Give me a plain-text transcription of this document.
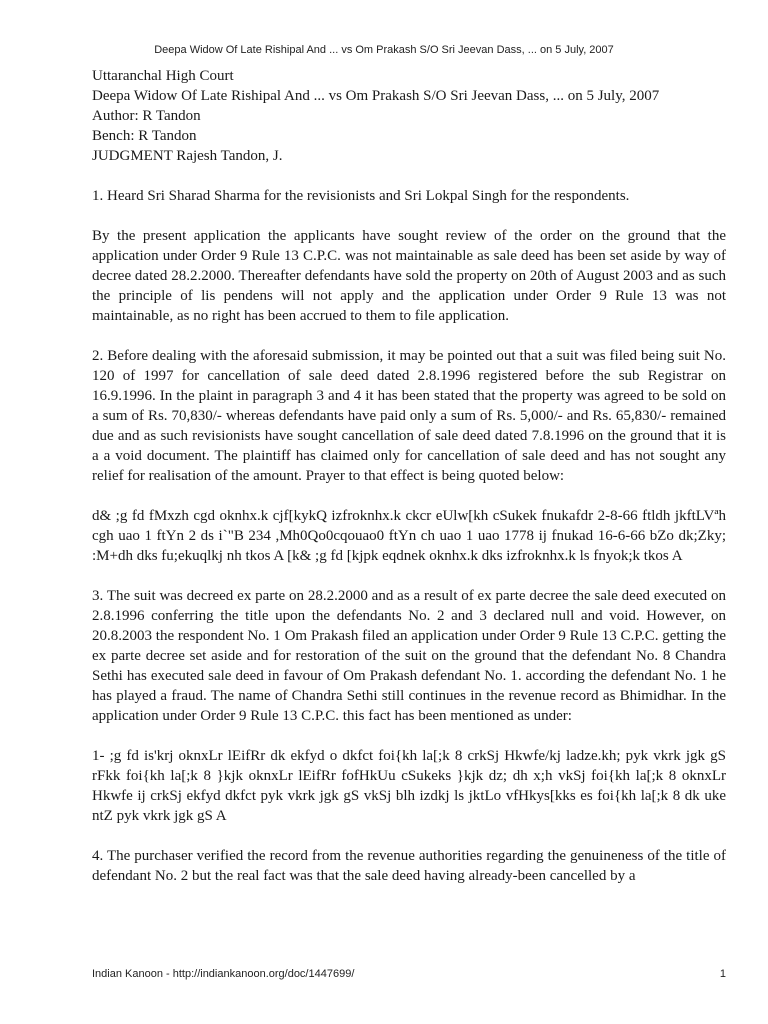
Deepa Widow Of Late Rishipal And ... vs Om Prakash S/O Sri Jeevan Dass, ... on 5 July, 2007

Uttaranchal High Court

Deepa Widow Of Late Rishipal And ... vs Om Prakash S/O Sri Jeevan Dass, ... on 5 July, 2007

Author: R Tandon

Bench: R Tandon

JUDGMENT Rajesh Tandon, J.

1. Heard Sri Sharad Sharma for the revisionists and Sri Lokpal Singh for the respondents.

By the present application the applicants have sought review of the order on the ground that the application under Order 9 Rule 13 C.P.C. was not maintainable as sale deed has been set aside by way of decree dated 28.2.2000. Thereafter defendants have sold the property on 20th of August 2003 and as such the principle of lis pendens will not apply and the application under Order 9 Rule 13 was not maintainable, as no right has been accrued to them to file application.

2. Before dealing with the aforesaid submission, it may be pointed out that a suit was filed being suit No. 120 of 1997 for cancellation of sale deed dated 2.8.1996 registered before the sub Registrar on 16.9.1996. In the plaint in paragraph 3 and 4 it has been stated that the property was agreed to be sold on a sum of Rs. 70,830/- whereas defendants have paid only a sum of Rs. 5,000/- and Rs. 65,830/- remained due and as such revisionists have sought cancellation of sale deed dated 7.8.1996 on the ground that it is a a void document. The plaintiff has claimed only for cancellation of sale deed and has not sought any relief for realisation of the amount. Prayer to that effect is being quoted below:

d& ;g fd fMxzh cgd oknhx.k cjf[kykQ izfroknhx.k ckcr eUlw[kh cSukek fnukafdr 2-8-66 ftldh jkftLVªh cgh uao 1 ftYn 2 ds i`"B 234 ,Mh0Qo0cqouao0 ftYn ch uao 1 uao 1778 ij fnukad 16-6-66 bZo dk;Zky; :M+dh dks fu;ekuqlkj nh tkos A [k& ;g fd [kjpk eqdnek oknhx.k dks izfroknhx.k ls fnyok;k tkos A

3. The suit was decreed ex parte on 28.2.2000 and as a result of ex parte decree the sale deed executed on 2.8.1996 conferring the title upon the defendants No. 2 and 3 declared null and void. However, on 20.8.2003 the respondent No. 1 Om Prakash filed an application under Order 9 Rule 13 C.P.C. getting the ex parte decree set aside and for restoration of the suit on the ground that the defendant No. 8 Chandra Sethi has executed sale deed in favour of Om Prakash defendant No. 1. according the defendant No. 1 he has played a fraud. The name of Chandra Sethi still continues in the revenue record as Bhimidhar. In the application under Order 9 Rule 13 C.P.C. this fact has been mentioned as under:

1- ;g fd is'krj oknxLr lEifRr dk ekfyd o dkfct foi{kh la[;k 8 crkSj Hkwfe/kj ladze.kh; pyk vkrk jgk gS rFkk foi{kh la[;k 8 }kjk oknxLr lEifRr fofHkUu cSukeks }kjk dz; dh x;h vkSj foi{kh la[;k 8 oknxLr Hkwfe ij crkSj ekfyd dkfct pyk vkrk jgk gS vkSj blh izdkj ls jktLo vfHkys[kks es foi{kh la[;k 8 dk uke ntZ pyk vkrk jgk gS A

4. The purchaser verified the record from the revenue authorities regarding the genuineness of the title of defendant No. 2 but the real fact was that the sale deed having already-been cancelled by a

Indian Kanoon - http://indiankanoon.org/doc/1447699/	1
